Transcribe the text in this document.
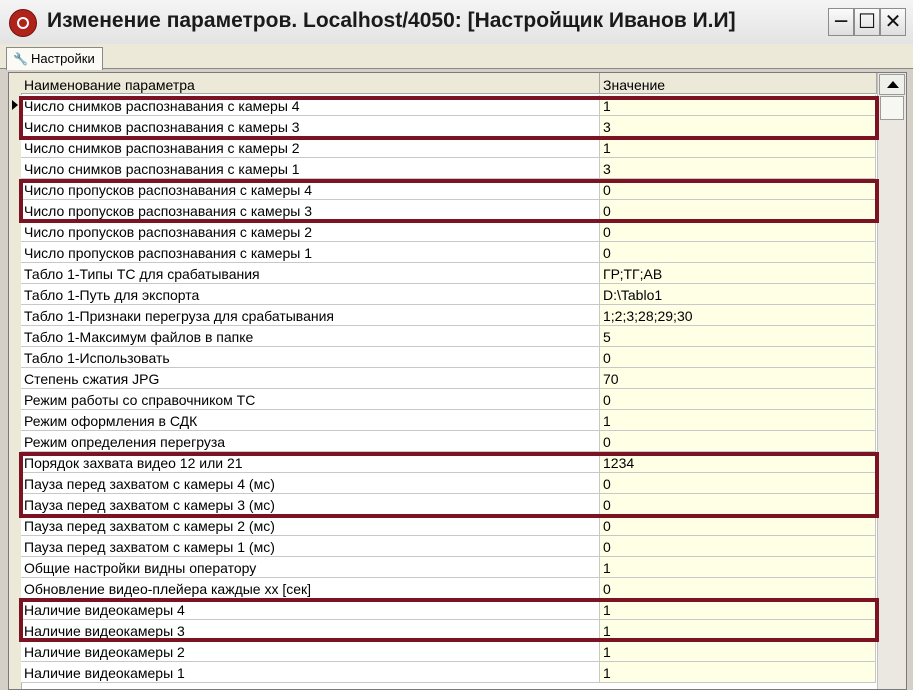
Изменение параметров. Localhost/4050: [Настройщик Иванов И.И]	─ ☐ ✕
🔧 Настройки
Наименование параметра	Значение
Число снимков распознавания с камеры 4	1
Число снимков распознавания с камеры 3	3
Число снимков распознавания с камеры 2	1
Число снимков распознавания с камеры 1	3
Число пропусков распознавания с камеры 4	0
Число пропусков распознавания с камеры 3	0
Число пропусков распознавания с камеры 2	0
Число пропусков распознавания с камеры 1	0
Табло 1-Типы ТС для срабатывания	ГР;ТГ;АВ
Табло 1-Путь для экспорта	D:\Tablo1
Табло 1-Признаки перегруза для срабатывания	1;2;3;28;29;30
Табло 1-Максимум файлов в папке	5
Табло 1-Использовать	0
Степень сжатия JPG	70
Режим работы со справочником ТС	0
Режим оформления в СДК	1
Режим определения перегруза	0
Порядок захвата видео 12 или 21	1234
Пауза перед захватом с камеры 4 (мс)	0
Пауза перед захватом с камеры 3 (мс)	0
Пауза перед захватом с камеры 2 (мс)	0
Пауза перед захватом с камеры 1 (мс)	0
Общие настройки видны оператору	1
Обновление видео-плейера каждые хх [сек]	0
Наличие видеокамеры 4	1
Наличие видеокамеры 3	1
Наличие видеокамеры 2	1
Наличие видеокамеры 1	1
